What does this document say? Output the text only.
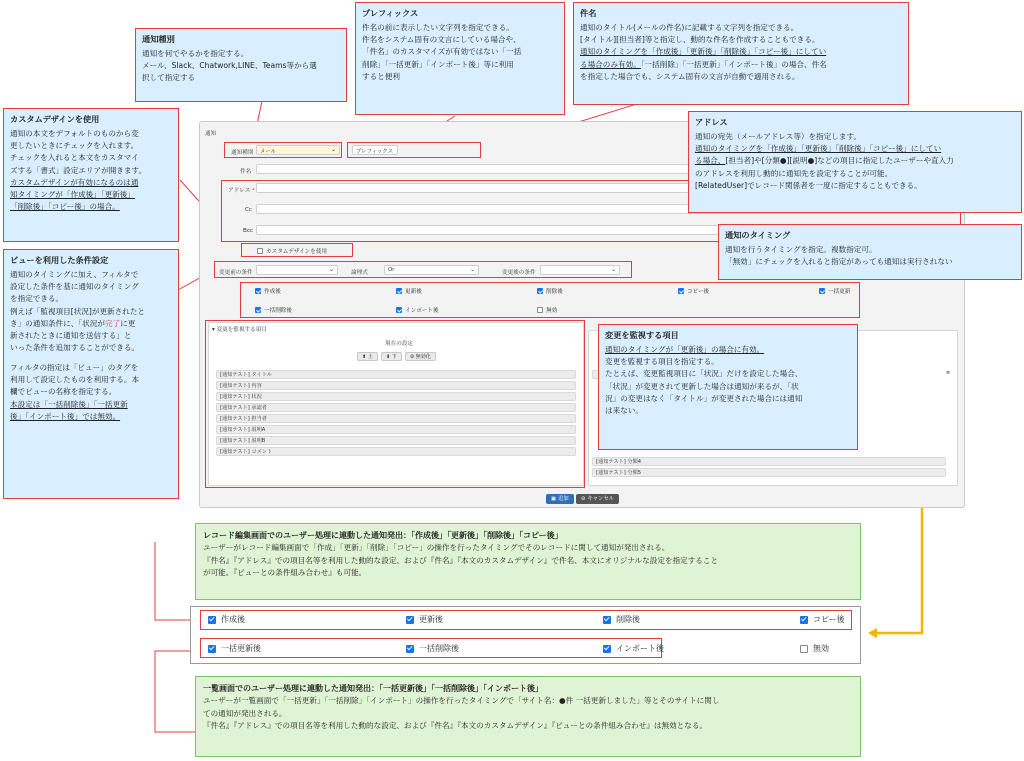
通知
通知種別	メール	⌄	プレフィックス
件名
アドレス *
Cc
Bcc
カスタムデザインを使用
変更前の条件	⌄	論理式	Or	⌄	変更後の条件	⌄
作成後	更新後	削除後	コピー後	一括更新
一括削除後	インポート後	無効
▾ 変更を監視する項目
現在の設定
⬆ 上	⬇ 下	⊘ 無効化
[通知テスト] タイトル
[通知テスト] 内容
[通知テスト] 状況
[通知テスト] 承認者
[通知テスト] 担当者
[通知テスト] 説明A
[通知テスト] 説明B
[通知テスト] コメント
[通知テスト] 分類4
[通知テスト] 分類5
≡
▣ 追加	⊘ キャンセル
通知種別
通知を何でやるかを指定する。
メール、Slack、Chatwork,LINE、Teams等から選
択して指定する
プレフィックス
件名の前に表示したい文字列を指定できる。
件名をシステム固有の文言にしている場合や、
「件名」のカスタマイズが有効ではない「一括
削除」「一括更新」「インポート後」等に利用
すると便利
件名
通知のタイトル(メールの件名)に記載する文字列を指定できる。
[タイトル][担当者]等と指定し、動的な件名を作成することもできる。
通知のタイミングを「作成後」「更新後」「削除後」「コピー後」にしてい
る場合のみ有効。「一括削除」「一括更新」「インポート後」の場合、件名
を指定した場合でも、システム固有の文言が自動で適用される。
カスタムデザインを使用
通知の本文をデフォルトのものから変
更したいときにチェックを入れます。
チェックを入れると本文をカスタマイ
ズする「書式」設定エリアが開きます。
カスタムデザインが有効になるのは通
知タイミングが「作成後」「更新後」
「削除後」「コピー後」の場合。
アドレス
通知の宛先（メールアドレス等）を指定します。
通知のタイミングを「作成後」「更新後」「削除後」「コピー後」にしてい
る場合、[担当者]や[分類●][説明●]などの項目に指定したユーザーや直入力
のアドレスを利用し動的に通知先を設定することが可能。
[RelatedUser]でレコード関係者を一度に指定することもできる。
通知のタイミング
通知を行うタイミングを指定。複数指定可。
「無効」にチェックを入れると指定があっても通知は実行されない
ビューを利用した条件設定
通知のタイミングに加え、フィルタで
設定した条件を基に通知のタイミング
を指定できる。
例えば「監視項目[状況]が更新されたと
き」の通知条件に、「状況が完了に更
新されたときに通知を送信する」と
いった条件を追加することができる。
フィルタの指定は「ビュー」のタグを
利用して設定したものを利用する。本
欄でビューの名称を指定する。
本設定は「一括削除後」「一括更新
後」「インポート後」では無効。
変更を監視する項目
通知のタイミングが「更新後」の場合に有効。
変更を監視する項目を指定する。
たとえば、変更監視項目に「状況」だけを設定した場合、
「状況」が変更されて更新した場合は通知が来るが、「状
況」の変更はなく「タイトル」が変更された場合には通知
は来ない。
レコード編集画面でのユーザー処理に連動した通知発出：「作成後」「更新後」「削除後」「コピー後」
ユーザーがレコード編集画面で「作成」「更新」「削除」「コピー」の操作を行ったタイミングでそのレコードに関して通知が発出される。
『件名』『アドレス』での項目名等を利用した動的な設定、および『件名』『本文のカスタムデザイン』で件名、本文にオリジナルな設定を指定すること
が可能。『ビューとの条件組み合わせ』も可能。
作成後	更新後	削除後	コピー後
一括更新後	一括削除後	インポート後	無効
一覧画面でのユーザー処理に連動した通知発出：「一括更新後」「一括削除後」「インポート後」
ユーザーが一覧画面で「一括更新」「一括削除」「インポート」の操作を行ったタイミングで「サイト名：●件 一括更新しました」等とそのサイトに関し
ての通知が発出される。
『件名』『アドレス』での項目名等を利用した動的な設定、および『件名』『本文のカスタムデザイン』『ビューとの条件組み合わせ』は無効となる。
